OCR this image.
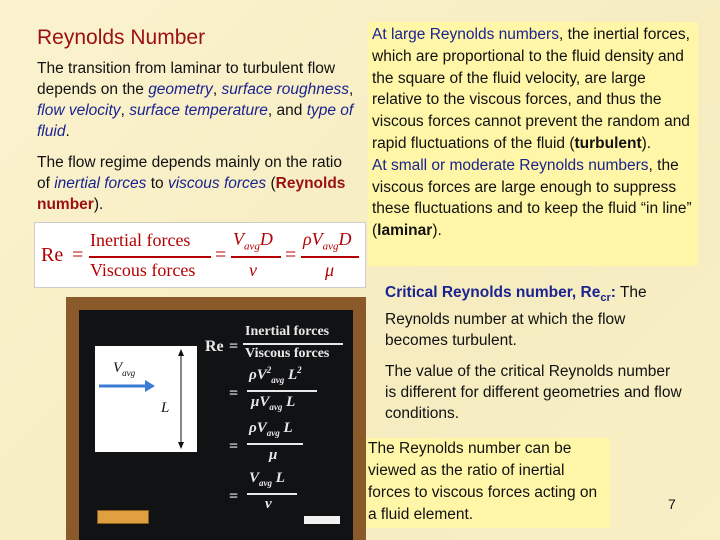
Reynolds Number

The transition from laminar to turbulent flow depends on the geometry, surface roughness, flow velocity, surface temperature, and type of fluid.

The flow regime depends mainly on the ratio of inertial forces to viscous forces (Reynolds number).

Re =
Inertial forces
Viscous forces
=
$V_{avg}D$
ν
=
$\rho V_{avg}D$
μ
At large Reynolds numbers, the inertial forces, which are proportional to the fluid density and the square of the fluid velocity, are large relative to the viscous forces, and thus the viscous forces cannot prevent the random and rapid fluctuations of the fluid (turbulent).
At small or moderate Reynolds numbers, the viscous forces are large enough to suppress these fluctuations and to keep the fluid “in line” (laminar).

Critical Reynolds number, $Re_{cr}$: The Reynolds number at which the flow becomes turbulent.

The value of the critical Reynolds number is different for different geometries and flow conditions.

The Reynolds number can be viewed as the ratio of inertial forces to viscous forces acting on a fluid element.
7
$V_{avg}$
L
Re =
Inertial forces
Viscous forces
=
$\rho V^2_{avg}$ $L^2$
$\mu V_{avg}$ L
=
$\rho V_{avg}$ L
μ
=
$V_{avg}$ L
ν
